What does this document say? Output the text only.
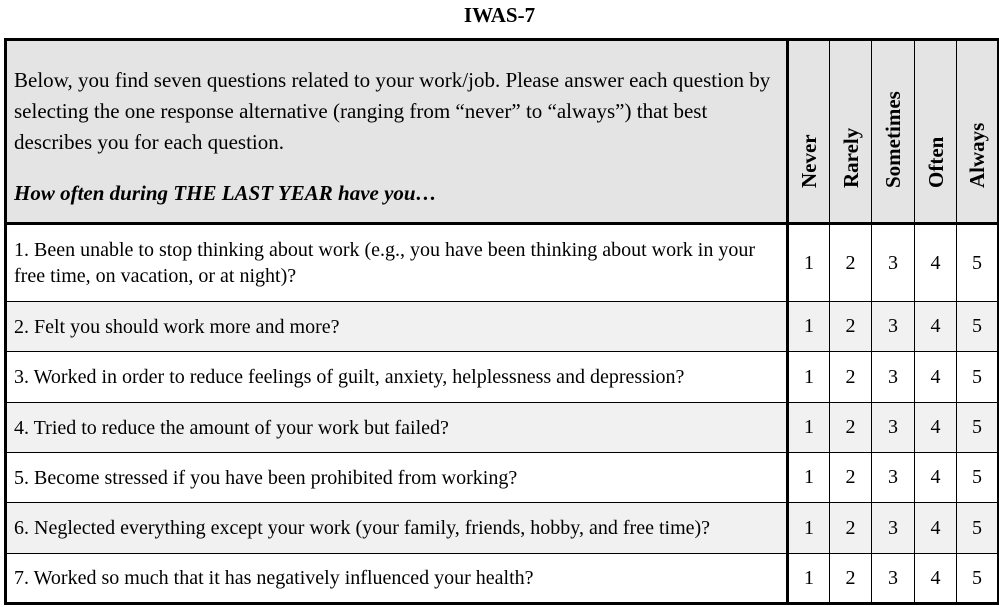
IWAS-7
Below, you find seven questions related to your work/job. Please answer each question by selecting the one response alternative (ranging from “never” to “always”) that best describes you for each question.
How often during THE LAST YEAR have you…	Never	Rarely	Sometimes	Often	Always

1. Been unable to stop thinking about work (e.g., you have been thinking about work in your free time, on vacation, or at night)?	1	2	3	4	5
2. Felt you should work more and more?	1	2	3	4	5
3. Worked in order to reduce feelings of guilt, anxiety, helplessness and depression?	1	2	3	4	5
4. Tried to reduce the amount of your work but failed?	1	2	3	4	5
5. Become stressed if you have been prohibited from working?	1	2	3	4	5
6. Neglected everything except your work (your family, friends, hobby, and free time)?	1	2	3	4	5
7. Worked so much that it has negatively influenced your health?	1	2	3	4	5
